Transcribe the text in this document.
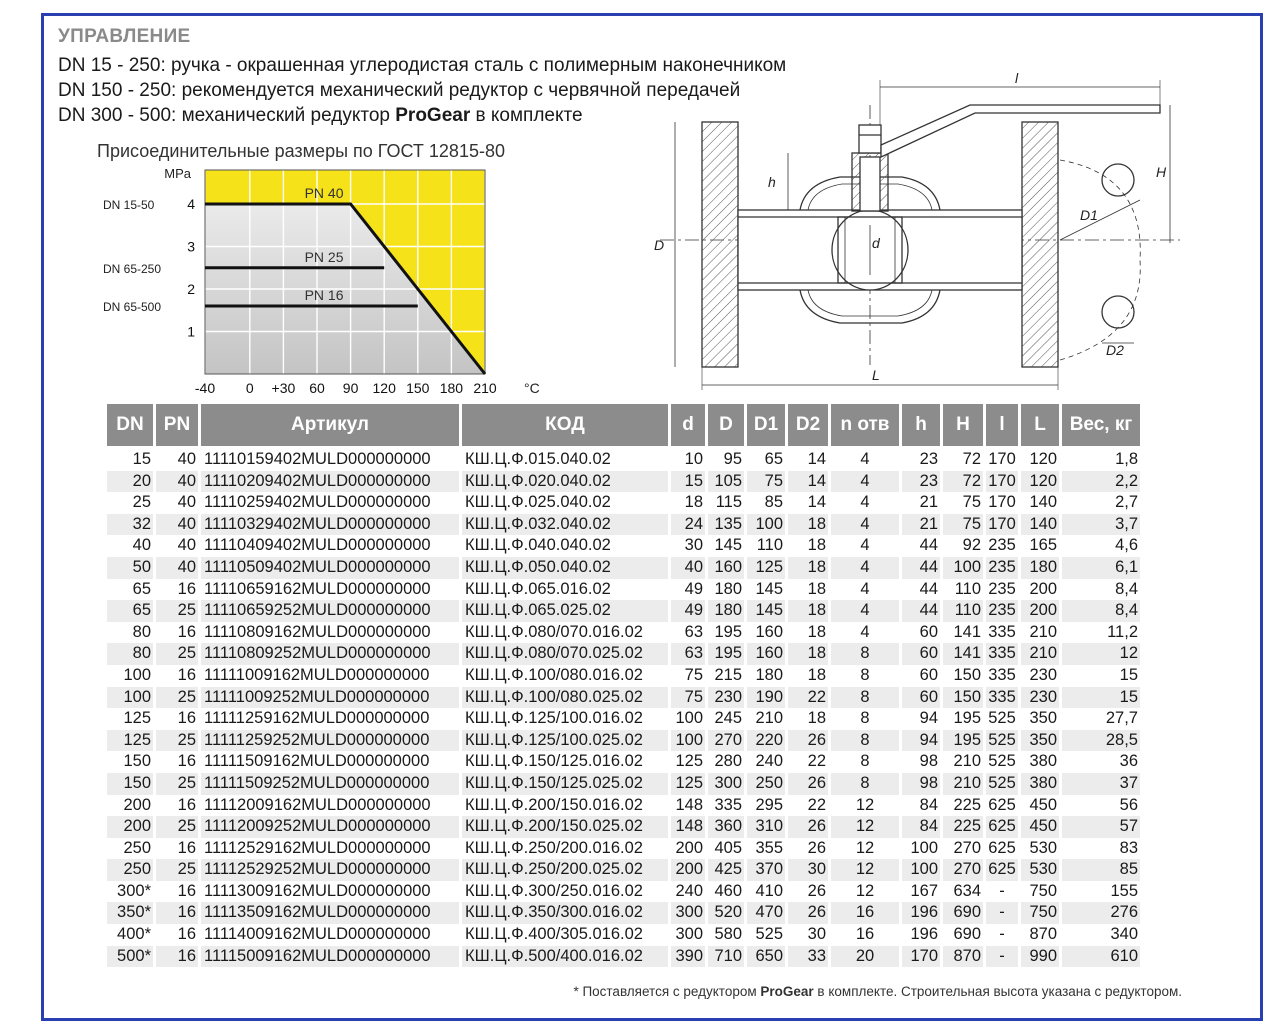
УПРАВЛЕНИЕ
DN 15 - 250: ручка - окрашенная углеродистая сталь с полимерным наконечником
DN 150 - 250: рекомендуется механический редуктор с червячной передачей
DN 300 - 500: механический редуктор ProGear в комплекте
Присоединительные размеры по ГОСТ 12815-80
PN 40
PN 25
PN 16
-40 0 +30 60 90 120 150 180 210
1
2
3
4
DN 15-50
DN 65-250
DN 65-500
MPa
°C
l
H
h
D
D1
d
D2
L
DN	PN	Артикул	КОД	d	D	D1	D2	n отв	h	H	l	L	Вес, кг
15	40	11110159402MULD000000000	КШ.Ц.Ф.015.040.02	10	95	65	14	4	23	72	170	120	1,8
20	40	11110209402MULD000000000	КШ.Ц.Ф.020.040.02	15	105	75	14	4	23	72	170	120	2,2
25	40	11110259402MULD000000000	КШ.Ц.Ф.025.040.02	18	115	85	14	4	21	75	170	140	2,7
32	40	11110329402MULD000000000	КШ.Ц.Ф.032.040.02	24	135	100	18	4	21	75	170	140	3,7
40	40	11110409402MULD000000000	КШ.Ц.Ф.040.040.02	30	145	110	18	4	44	92	235	165	4,6
50	40	11110509402MULD000000000	КШ.Ц.Ф.050.040.02	40	160	125	18	4	44	100	235	180	6,1
65	16	11110659162MULD000000000	КШ.Ц.Ф.065.016.02	49	180	145	18	4	44	110	235	200	8,4
65	25	11110659252MULD000000000	КШ.Ц.Ф.065.025.02	49	180	145	18	4	44	110	235	200	8,4
80	16	11110809162MULD000000000	КШ.Ц.Ф.080/070.016.02	63	195	160	18	4	60	141	335	210	11,2
80	25	11110809252MULD000000000	КШ.Ц.Ф.080/070.025.02	63	195	160	18	8	60	141	335	210	12
100	16	11111009162MULD000000000	КШ.Ц.Ф.100/080.016.02	75	215	180	18	8	60	150	335	230	15
100	25	11111009252MULD000000000	КШ.Ц.Ф.100/080.025.02	75	230	190	22	8	60	150	335	230	15
125	16	11111259162MULD000000000	КШ.Ц.Ф.125/100.016.02	100	245	210	18	8	94	195	525	350	27,7
125	25	11111259252MULD000000000	КШ.Ц.Ф.125/100.025.02	100	270	220	26	8	94	195	525	350	28,5
150	16	11111509162MULD000000000	КШ.Ц.Ф.150/125.016.02	125	280	240	22	8	98	210	525	380	36
150	25	11111509252MULD000000000	КШ.Ц.Ф.150/125.025.02	125	300	250	26	8	98	210	525	380	37
200	16	11112009162MULD000000000	КШ.Ц.Ф.200/150.016.02	148	335	295	22	12	84	225	625	450	56
200	25	11112009252MULD000000000	КШ.Ц.Ф.200/150.025.02	148	360	310	26	12	84	225	625	450	57
250	16	11112529162MULD000000000	КШ.Ц.Ф.250/200.016.02	200	405	355	26	12	100	270	625	530	83
250	25	11112529252MULD000000000	КШ.Ц.Ф.250/200.025.02	200	425	370	30	12	100	270	625	530	85
300*	16	11113009162MULD000000000	КШ.Ц.Ф.300/250.016.02	240	460	410	26	12	167	634	-	750	155
350*	16	11113509162MULD000000000	КШ.Ц.Ф.350/300.016.02	300	520	470	26	16	196	690	-	750	276
400*	16	11114009162MULD000000000	КШ.Ц.Ф.400/305.016.02	300	580	525	30	16	196	690	-	870	340
500*	16	11115009162MULD000000000	КШ.Ц.Ф.500/400.016.02	390	710	650	33	20	170	870	-	990	610
* Поставляется с редуктором ProGear в комплекте. Строительная высота указана с редуктором.
